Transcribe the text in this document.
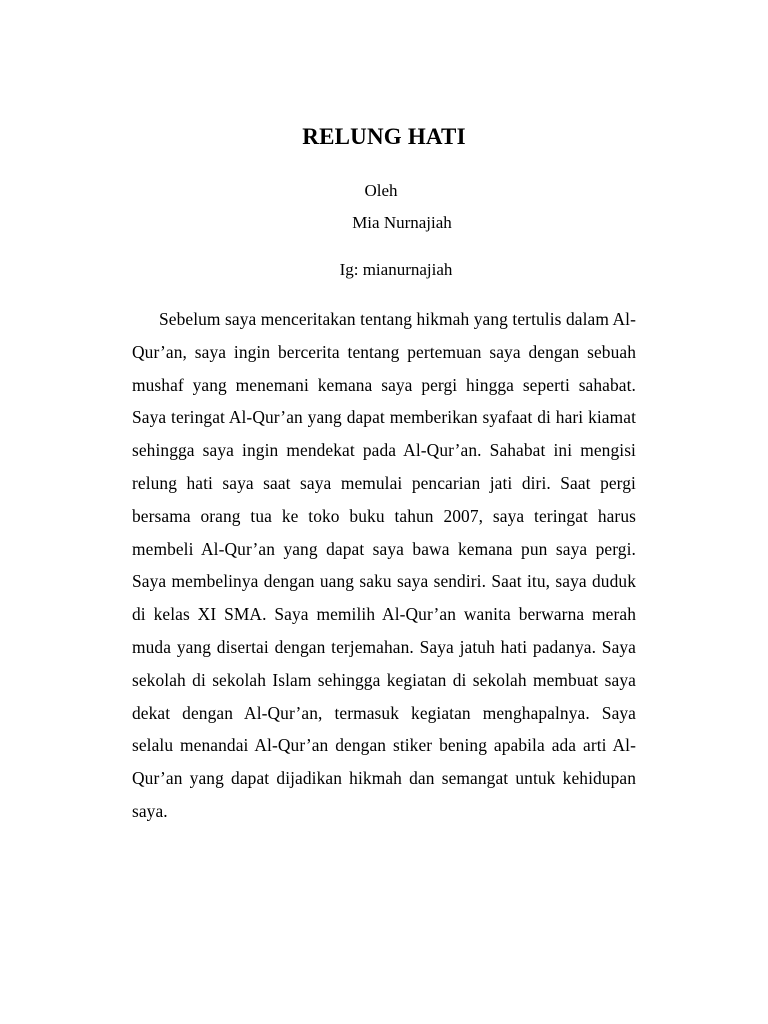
RELUNG HATI

Oleh

Mia Nurnajiah

Ig: mianurnajiah

Sebelum saya menceritakan tentang hikmah yang tertulis dalam Al-Qur’an, saya ingin bercerita tentang pertemuan saya dengan sebuah mushaf yang menemani kemana saya pergi hingga seperti sahabat. Saya teringat Al-Qur’an yang dapat memberikan syafaat di hari kiamat sehingga saya ingin mendekat pada Al-Qur’an. Sahabat ini mengisi relung hati saya saat saya memulai pencarian jati diri. Saat pergi bersama orang tua ke toko buku tahun 2007, saya teringat harus membeli Al-Qur’an yang dapat saya bawa kemana pun saya pergi. Saya membelinya dengan uang saku saya sendiri. Saat itu, saya duduk di kelas XI SMA. Saya memilih Al-Qur’an wanita berwarna merah muda yang disertai dengan terjemahan. Saya jatuh hati padanya. Saya sekolah di sekolah Islam sehingga kegiatan di sekolah membuat saya dekat dengan Al-Qur’an, termasuk kegiatan menghapalnya. Saya selalu menandai Al-Qur’an dengan stiker bening apabila ada arti Al-Qur’an yang dapat dijadikan hikmah dan semangat untuk kehidupan saya.
